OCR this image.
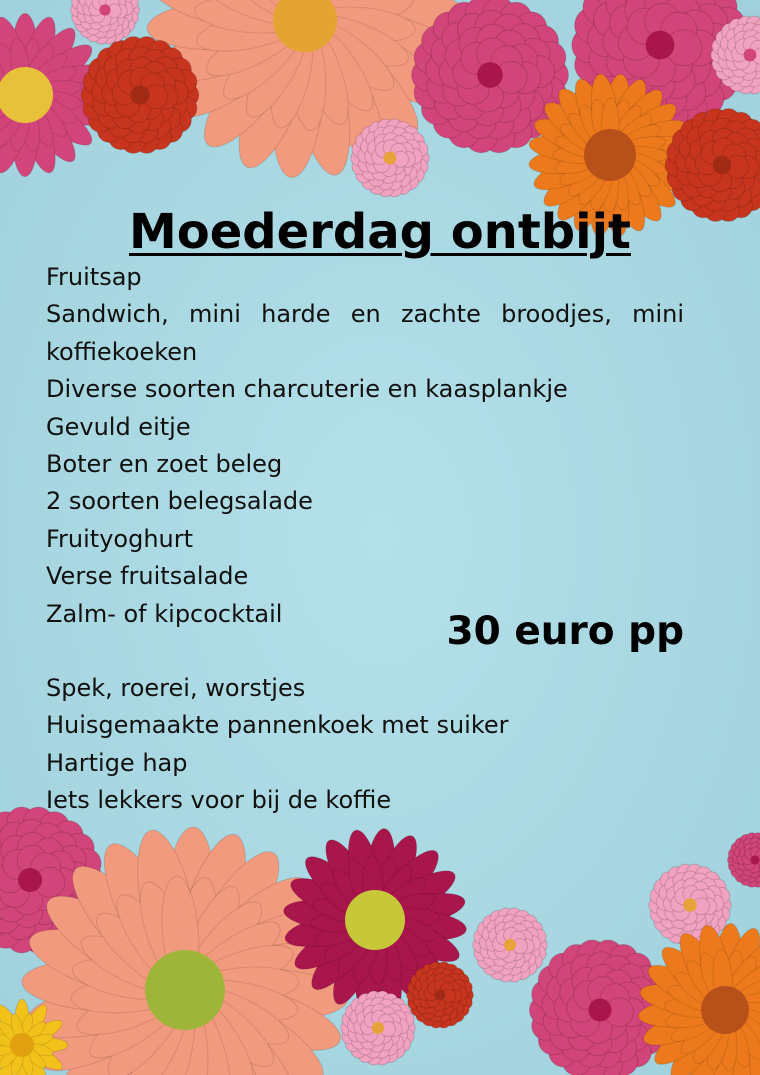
Moederdag ontbijt
Fruitsap
Sandwich, mini harde en zachte broodjes, mini koffiekoeken
Diverse soorten charcuterie en kaasplankje
Gevuld eitje
Boter en zoet beleg
2 soorten belegsalade
Fruityoghurt
Verse fruitsalade
Zalm- of kipcocktail	30 euro pp

Spek, roerei, worstjes
Huisgemaakte pannenkoek met suiker
Hartige hap
Iets lekkers voor bij de koffie
